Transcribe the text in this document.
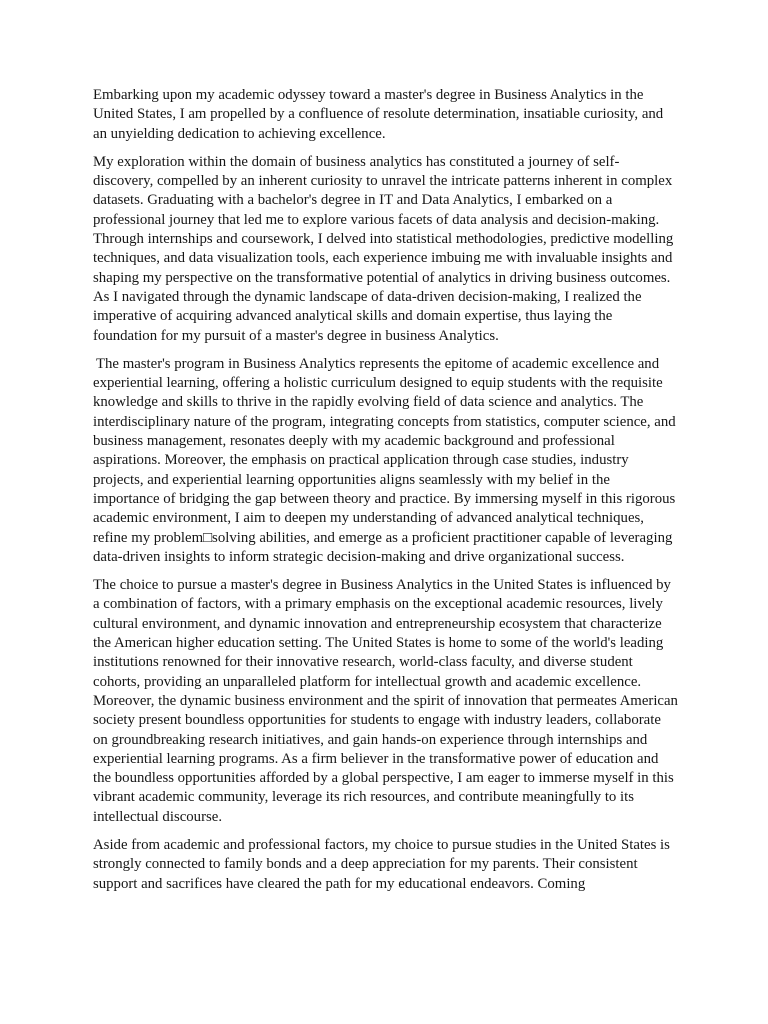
Embarking upon my academic odyssey toward a master's degree in Business Analytics in the United States, I am propelled by a confluence of resolute determination, insatiable curiosity, and an unyielding dedication to achieving excellence.

My exploration within the domain of business analytics has constituted a journey of self-discovery, compelled by an inherent curiosity to unravel the intricate patterns inherent in complex datasets. Graduating with a bachelor's degree in IT and Data Analytics, I embarked on a professional journey that led me to explore various facets of data analysis and decision-making. Through internships and coursework, I delved into statistical methodologies, predictive modelling techniques, and data visualization tools, each experience imbuing me with invaluable insights and shaping my perspective on the transformative potential of analytics in driving business outcomes. As I navigated through the dynamic landscape of data-driven decision-making, I realized the imperative of acquiring advanced analytical skills and domain expertise, thus laying the foundation for my pursuit of a master's degree in business Analytics.

The master's program in Business Analytics represents the epitome of academic excellence and experiential learning, offering a holistic curriculum designed to equip students with the requisite knowledge and skills to thrive in the rapidly evolving field of data science and analytics. The interdisciplinary nature of the program, integrating concepts from statistics, computer science, and business management, resonates deeply with my academic background and professional aspirations. Moreover, the emphasis on practical application through case studies, industry projects, and experiential learning opportunities aligns seamlessly with my belief in the importance of bridging the gap between theory and practice. By immersing myself in this rigorous academic environment, I aim to deepen my understanding of advanced analytical techniques, refine my problem□solving abilities, and emerge as a proficient practitioner capable of leveraging data-driven insights to inform strategic decision-making and drive organizational success.

The choice to pursue a master's degree in Business Analytics in the United States is influenced by a combination of factors, with a primary emphasis on the exceptional academic resources, lively cultural environment, and dynamic innovation and entrepreneurship ecosystem that characterize the American higher education setting. The United States is home to some of the world's leading institutions renowned for their innovative research, world-class faculty, and diverse student cohorts, providing an unparalleled platform for intellectual growth and academic excellence. Moreover, the dynamic business environment and the spirit of innovation that permeates American society present boundless opportunities for students to engage with industry leaders, collaborate on groundbreaking research initiatives, and gain hands-on experience through internships and experiential learning programs. As a firm believer in the transformative power of education and the boundless opportunities afforded by a global perspective, I am eager to immerse myself in this vibrant academic community, leverage its rich resources, and contribute meaningfully to its intellectual discourse.

Aside from academic and professional factors, my choice to pursue studies in the United States is strongly connected to family bonds and a deep appreciation for my parents. Their consistent support and sacrifices have cleared the path for my educational endeavors. Coming
